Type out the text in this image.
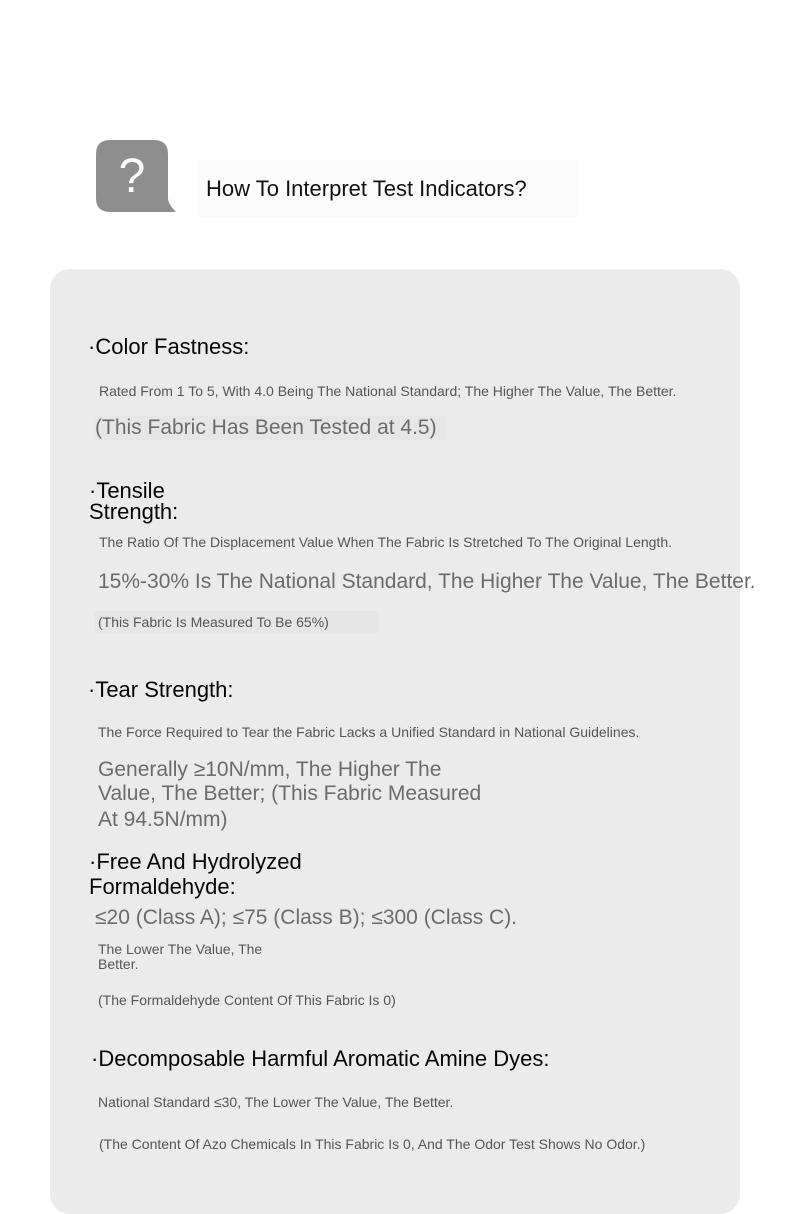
?	How To Interpret Test Indicators?
·Color Fastness:
Rated From 1 To 5, With 4.0 Being The National Standard; The Higher The Value, The Better.
(This Fabric Has Been Tested at 4.5)
·Tensile
Strength:
The Ratio Of The Displacement Value When The Fabric Is Stretched To The Original Length.
15%-30% Is The National Standard, The Higher The Value, The Better.
(This Fabric Is Measured To Be 65%)
·Tear Strength:
The Force Required to Tear the Fabric Lacks a Unified Standard in National Guidelines.
Generally ≥10N/mm, The Higher The
Value, The Better; (This Fabric Measured
At 94.5N/mm)
·Free And Hydrolyzed
Formaldehyde:
≤20 (Class A); ≤75 (Class B); ≤300 (Class C).
The Lower The Value, The
Better.
(The Formaldehyde Content Of This Fabric Is 0)
·Decomposable Harmful Aromatic Amine Dyes:
National Standard ≤30, The Lower The Value, The Better.
(The Content Of Azo Chemicals In This Fabric Is 0, And The Odor Test Shows No Odor.)
